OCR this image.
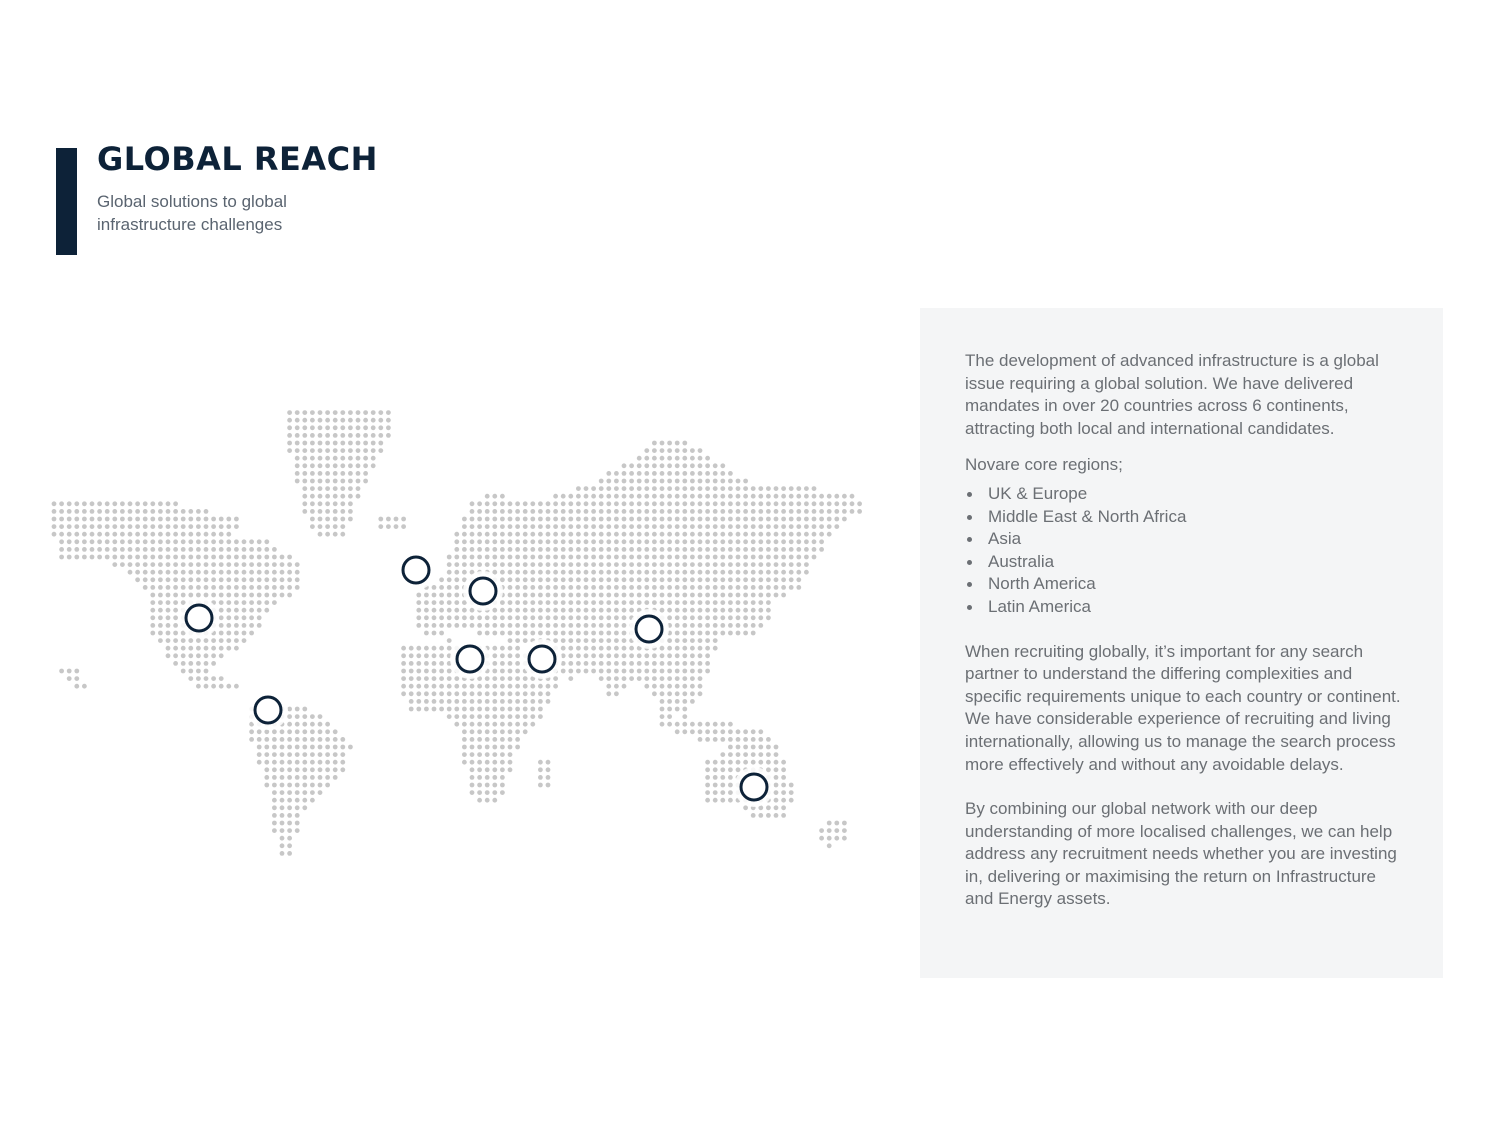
GLOBAL REACH
Global solutions to global infrastructure challenges

The development of advanced infrastructure is a global issue requiring a global solution. We have delivered mandates in over 20 countries across 6 continents, attracting both local and international candidates.

Novare core regions;

UK & Europe
Middle East & North Africa
Asia
Australia
North America
Latin America

When recruiting globally, it’s important for any search partner to understand the differing complexities and specific requirements unique to each country or continent. We have considerable experience of recruiting and living internationally, allowing us to manage the search process more effectively and without any avoidable delays.

By combining our global network with our deep understanding of more localised challenges, we can help address any recruitment needs whether you are investing in, delivering or maximising the return on Infrastructure and Energy assets.
